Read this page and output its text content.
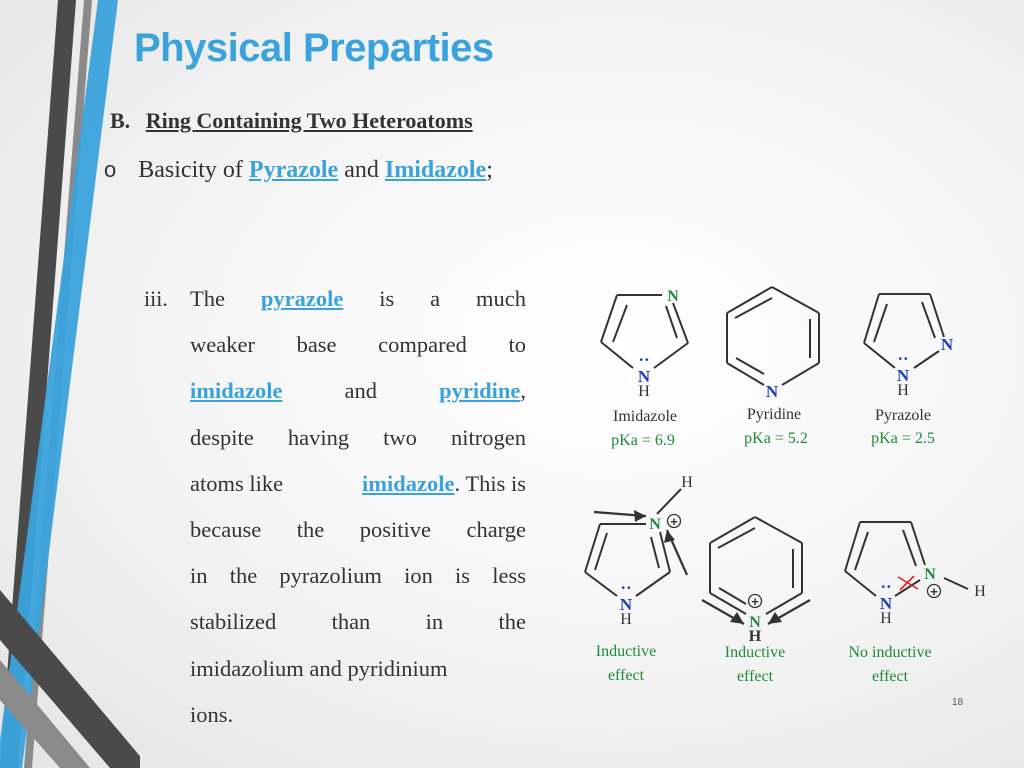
Physical Preparties
B. Ring Containing Two Heteroatoms
o Basicity of Pyrazole and Imidazole;
iii. The pyrazole is a much
weaker base compared to
imidazole	and	pyridine,
despite having two nitrogen
atoms like	imidazole. This is
because the positive charge
in the pyrazolium ion is less
stabilized than in the
imidazolium and pyridinium
ions.
N
··
N
H	N
N
··
N
H
N
H
··
N
H	N
H
N
H
··
N
H
+
+
+
Imidazole
pKa = 6.9
Pyridine
pKa = 5.2
Pyrazole
pKa = 2.5
Inductive
effect
Inductive
effect
No inductive
effect
18
